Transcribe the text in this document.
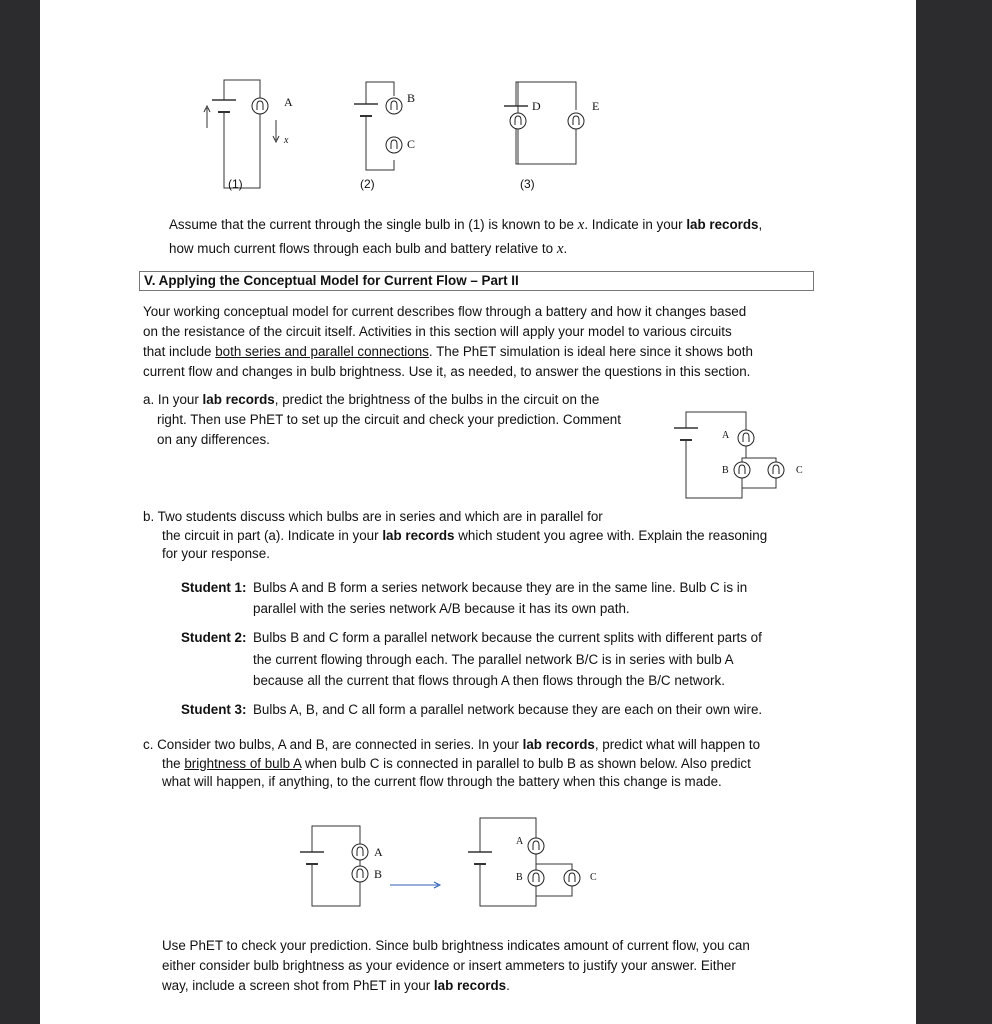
A	B
C
D	E
x
(1)	(2)	(3)
Assume that the current through the single bulb in (1) is known to be x. Indicate in your lab records,
how much current flows through each bulb and battery relative to x.
V. Applying the Conceptual Model for Current Flow – Part II
Your working conceptual model for current describes flow through a battery and how it changes based
on the resistance of the circuit itself. Activities in this section will apply your model to various circuits
that include both series and parallel connections. The PhET simulation is ideal here since it shows both
current flow and changes in bulb brightness. Use it, as needed, to answer the questions in this section.
a. In your lab records, predict the brightness of the bulbs in the circuit on the
right. Then use PhET to set up the circuit and check your prediction. Comment
on any differences.	A
B	C
b. Two students discuss which bulbs are in series and which are in parallel for
the circuit in part (a). Indicate in your lab records which student you agree with. Explain the reasoning
for your response.
Student 1: Bulbs A and B form a series network because they are in the same line. Bulb C is in
parallel with the series network A/B because it has its own path.
Student 2: Bulbs B and C form a parallel network because the current splits with different parts of
the current flowing through each. The parallel network B/C is in series with bulb A
because all the current that flows through A then flows through the B/C network.
Student 3: Bulbs A, B, and C all form a parallel network because they are each on their own wire.
c. Consider two bulbs, A and B, are connected in series. In your lab records, predict what will happen to
the brightness of bulb A when bulb C is connected in parallel to bulb B as shown below. Also predict
what will happen, if anything, to the current flow through the battery when this change is made.
A
B
A
B	C
Use PhET to check your prediction. Since bulb brightness indicates amount of current flow, you can
either consider bulb brightness as your evidence or insert ammeters to justify your answer. Either
way, include a screen shot from PhET in your lab records.
